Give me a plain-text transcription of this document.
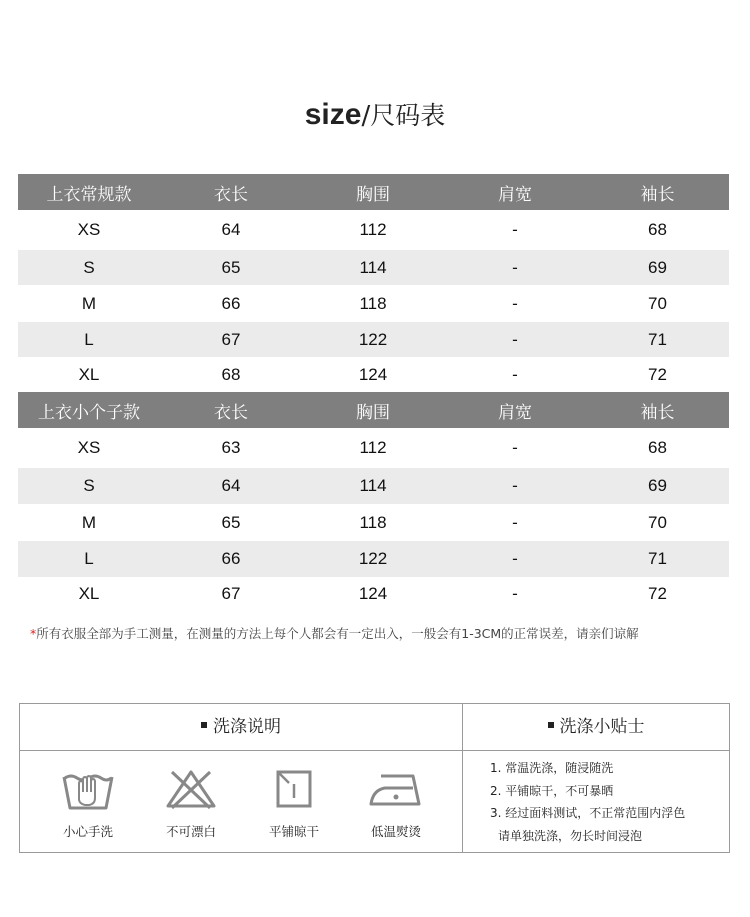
size/尺码表
上衣常规款	衣长	胸围	肩宽	袖长
XS	64	112	-	68
S	65	114	-	69
M	66	118	-	70
L	67	122	-	71
XL	68	124	-	72
上衣小个子款	衣长	胸围	肩宽	袖长
XS	63	112	-	68
S	64	114	-	69
M	65	118	-	70
L	66	122	-	71
XL	67	124	-	72
*所有衣服全部为手工测量，在测量的方法上每个人都会有一定出入，一般会有1-3CM的正常误差，请亲们谅解
洗涤说明	洗涤小贴士
小心手洗	不可漂白	平铺晾干	低温熨烫
1. 常温洗涤，随浸随洗
2. 平铺晾干，不可暴晒
3. 经过面料测试，不正常范围内浮色
请单独洗涤，勿长时间浸泡
